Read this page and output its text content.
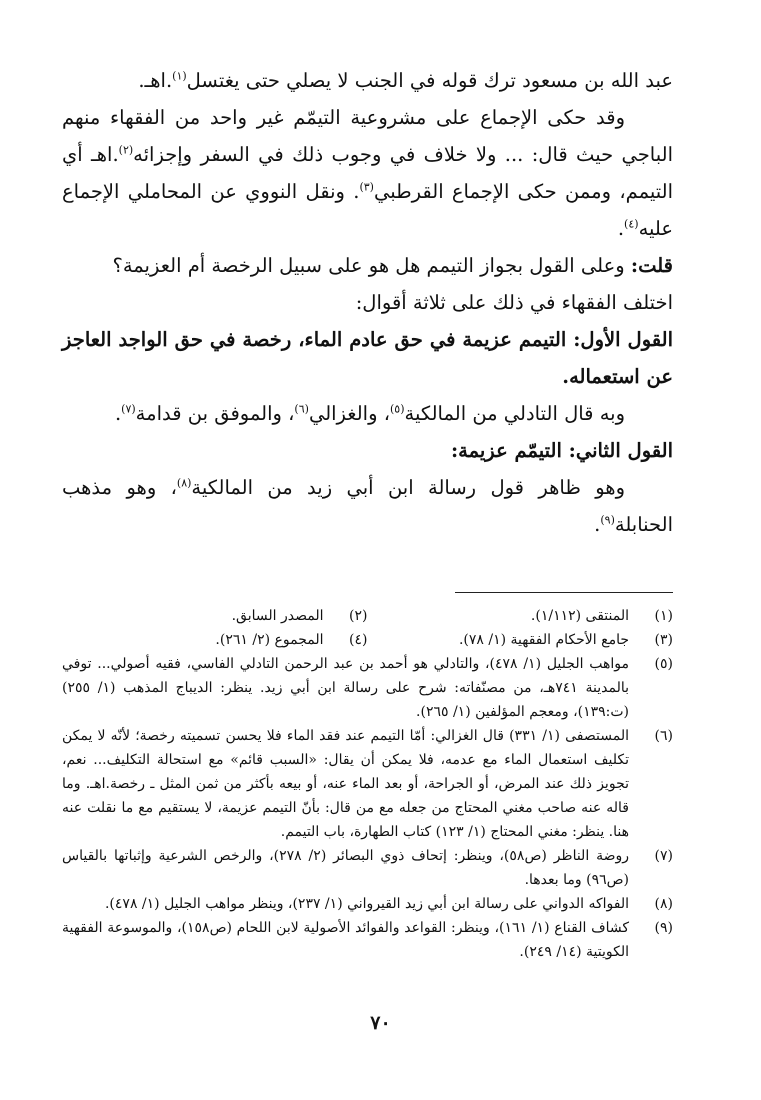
عبد الله بن مسعود ترك قوله في الجنب لا يصلي حتى يغتسل$^{(١)}$.اهـ.

وقد حكى الإجماع على مشروعية التيمّم غير واحد من الفقهاء منهم الباجي حيث قال: ... ولا خلاف في وجوب ذلك في السفر وإجزائه$^{(٢)}$.اهـ أي التيمم، وممن حكى الإجماع القرطبي$^{(٣)}$. ونقل النووي عن المحاملي الإجماع عليه$^{(٤)}$.

قلت: وعلى القول بجواز التيمم هل هو على سبيل الرخصة أم العزيمة؟

اختلف الفقهاء في ذلك على ثلاثة أقوال:

القول الأول: التيمم عزيمة في حق عادم الماء، رخصة في حق الواجد العاجز عن استعماله.

وبه قال التادلي من المالكية$^{(٥)}$، والغزالي$^{(٦)}$، والموفق بن قدامة$^{(٧)}$.

القول الثاني: التيمّم عزيمة:

وهو ظاهر قول رسالة ابن أبي زيد من المالكية$^{(٨)}$، وهو مذهب الحنابلة$^{(٩)}$.

(١)
المنتقى (١/١١٢).
(٢)
المصدر السابق.
(٣)
جامع الأحكام الفقهية (١/ ٧٨).
(٤)
المجموع (٢/ ٢٦١).
(٥)
مواهب الجليل (١/ ٤٧٨)، والتادلي هو أحمد بن عبد الرحمن التادلي الفاسي، فقيه أصولي... توفي بالمدينة ٧٤١هـ، من مصنّفاته: شرح على رسالة ابن أبي زيد. ينظر: الديباج المذهب (١/ ٢٥٥) (ت:١٣٩)، ومعجم المؤلفين (١/ ٢٦٥).
(٦)
المستصفى (١/ ٣٣١) قال الغزالي: أمّا التيمم عند فقد الماء فلا يحسن تسميته رخصة؛ لأنّه لا يمكن تكليف استعمال الماء مع عدمه، فلا يمكن أن يقال: «السبب قائم» مع استحالة التكليف... نعم، تجويز ذلك عند المرض، أو الجراحة، أو بعد الماء عنه، أو بيعه بأكثر من ثمن المثل ـ رخصة.اهـ. وما قاله عنه صاحب مغني المحتاج من جعله مع من قال: بأنّ التيمم عزيمة، لا يستقيم مع ما نقلت عنه هنا. ينظر: مغني المحتاج (١/ ١٢٣) كتاب الطهارة، باب التيمم.
(٧)
روضة الناظر (ص٥٨)، وينظر: إتحاف ذوي البصائر (٢/ ٢٧٨)، والرخص الشرعية وإثباتها بالقياس (ص٩٦) وما بعدها.
(٨)
الفواكه الدواني على رسالة ابن أبي زيد القيرواني (١/ ٢٣٧)، وينظر مواهب الجليل (١/ ٤٧٨).
(٩)
كشاف القناع (١/ ١٦١)، وينظر: القواعد والفوائد الأصولية لابن اللحام (ص١٥٨)، والموسوعة الفقهية الكويتية (١٤/ ٢٤٩).
٧٠
